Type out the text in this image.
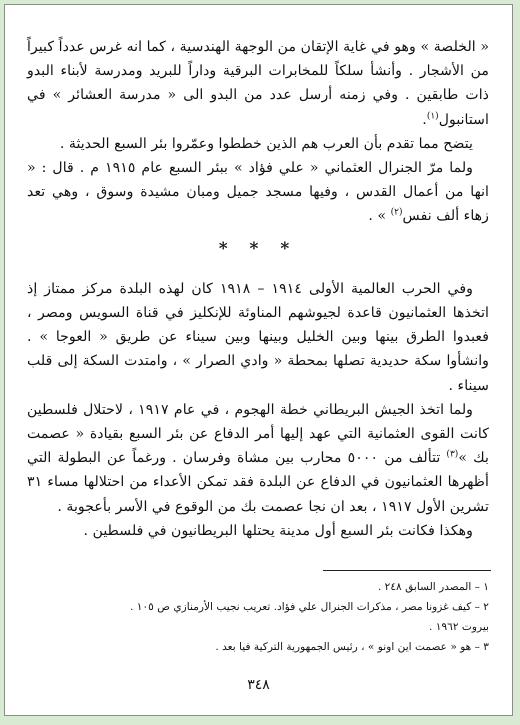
« الخلصة » وهو في غاية الإتقان من الوجهة الهندسية ، كما انه غرس عدداً كبيراً من الأشجار . وأنشأ سلكاً للمخابرات البرقية وداراً للبريد ومدرسة لأبناء البدو ذات طابقين . وفي زمنه أرسل عدد من البدو الى « مدرسة العشائر » في استانبول$^{(١)}$.

يتضح مما تقدم بأن العرب هم الذين خططوا وعمّروا بئر السبع الحديثة .

ولما مرّ الجنرال العثماني « علي فؤاد » ببئر السبع عام ١٩١٥ م . قال : « انها من أعمال القدس ، وفيها مسجد جميل ومبان مشيدة وسوق ، وهي تعد زهاء ألف نفس$^{(٢)}$ » .

* * *

وفي الحرب العالمية الأولى ١٩١٤ – ١٩١٨ كان لهذه البلدة مركز ممتاز إذ اتخذها العثمانيون قاعدة لجيوشهم المناوئة للإنكليز في قناة السويس ومصر ، فعبدوا الطرق بينها وبين الخليل وبينها وبين سيناء عن طريق « العوجا » . وانشأوا سكة حديدية تصلها بمحطة « وادي الصرار » ، وامتدت السكة إلى قلب سيناء .

ولما اتخذ الجيش البريطاني خطة الهجوم ، في عام ١٩١٧ ، لاحتلال فلسطين كانت القوى العثمانية التي عهد إليها أمر الدفاع عن بئر السبع بقيادة « عصمت بك »$^{(٣)}$ تتألف من ٥٠٠٠ محارب بين مشاة وفرسان . ورغماً عن البطولة التي أظهرها العثمانيون في الدفاع عن البلدة فقد تمكن الأعداء من احتلالها مساء ٣١ تشرين الأول ١٩١٧ ، بعد ان نجا عصمت بك من الوقوع في الأسر بأعجوبة .

وهكذا فكانت بئر السبع أول مدينة يحتلها البريطانيون في فلسطين .

١ – المصدر السابق ٢٤٨ .

٢ – كيف غزونا مصر ، مذكرات الجنرال علي فؤاد. تعريب نجيب الأرمنازي ص ١٠٥ .

بيروت ١٩٦٢ .

٣ – هو « عصمت اين اونو » ، رئيس الجمهورية التركية فيا بعد .

٣٤٨
